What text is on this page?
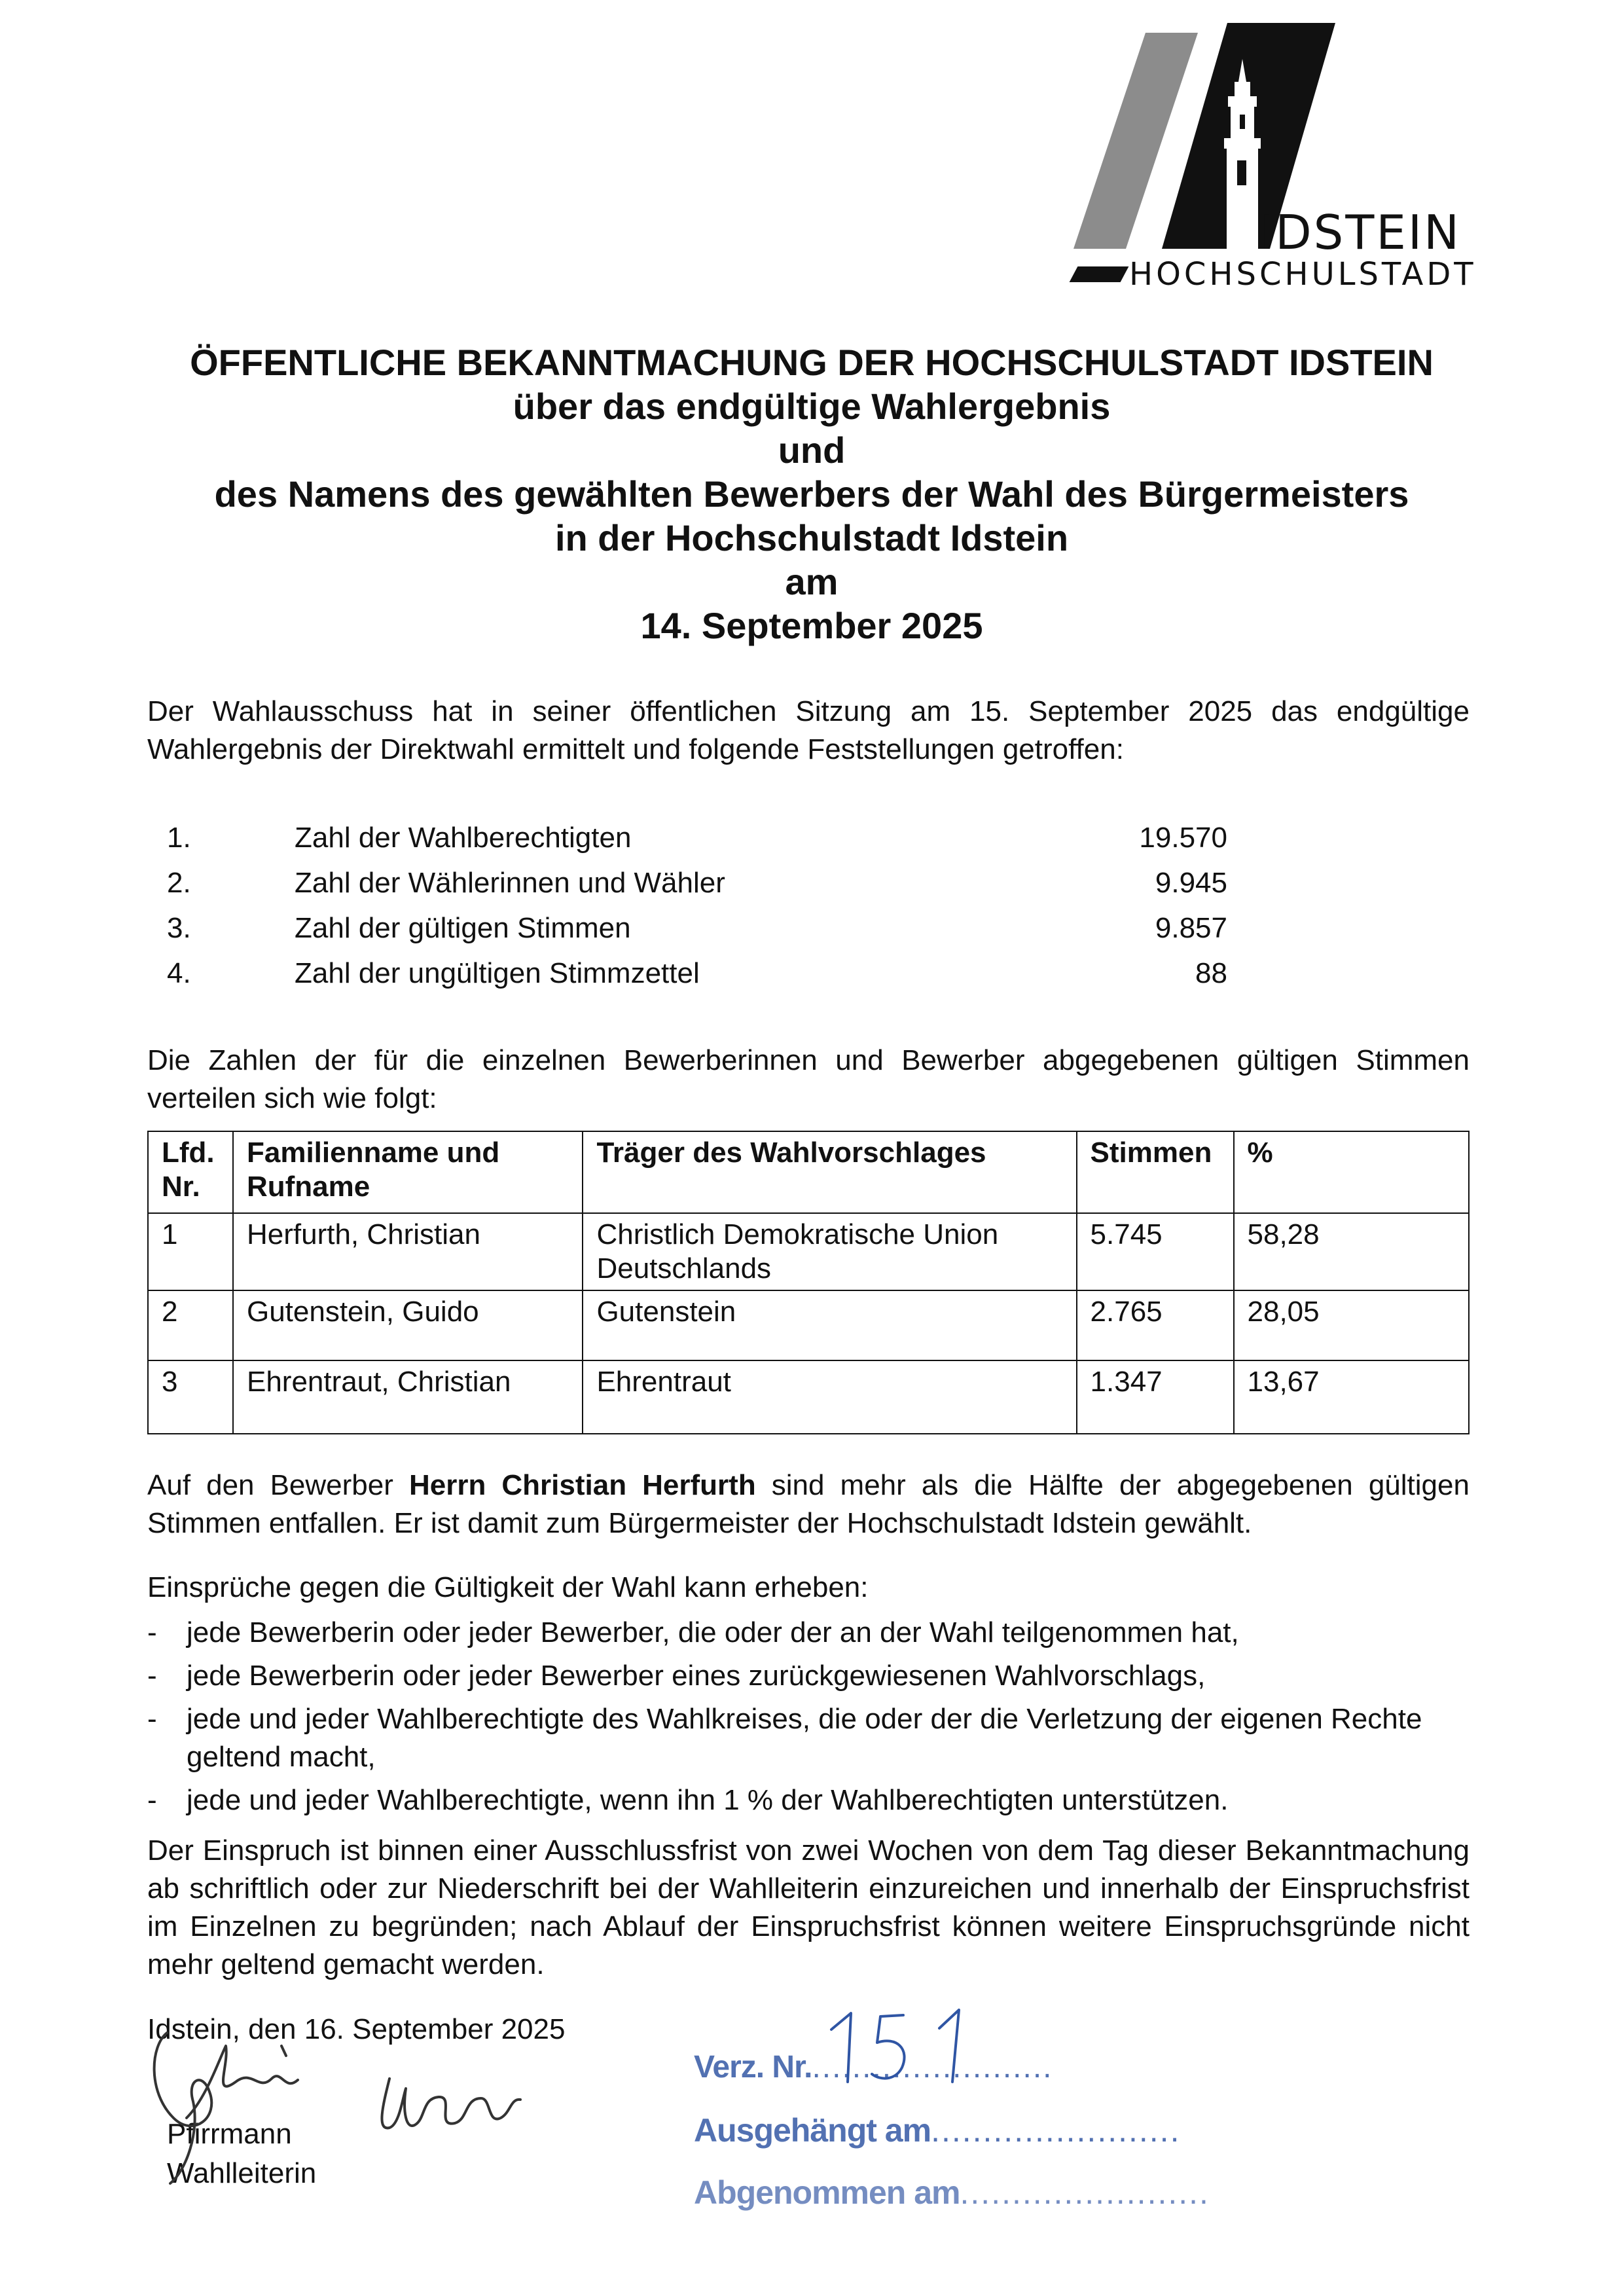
IDSTEIN
HOCHSCHULSTADT
ÖFFENTLICHE BEKANNTMACHUNG DER HOCHSCHULSTADT IDSTEIN
über das endgültige Wahlergebnis
und
des Namens des gewählten Bewerbers der Wahl des Bürgermeisters
in der Hochschulstadt Idstein
am
14. September 2025

Der Wahlausschuss hat in seiner öffentlichen Sitzung am 15. September 2025 das endgültige Wahlergebnis der Direktwahl ermittelt und folgende Feststellungen getroffen:

1.	Zahl der Wahlberechtigten	19.570
2.	Zahl der Wählerinnen und Wähler	9.945
3.	Zahl der gültigen Stimmen	9.857
4.	Zahl der ungültigen Stimmzettel	88

Die Zahlen der für die einzelnen Bewerberinnen und Bewerber abgegebenen gültigen Stimmen verteilen sich wie folgt:

Lfd. Nr.	Familienname und Rufname	Träger des Wahlvorschlages	Stimmen	%
1	Herfurth, Christian	Christlich Demokratische Union Deutschlands	5.745	58,28
2	Gutenstein, Guido	Gutenstein	2.765	28,05
3	Ehrentraut, Christian	Ehrentraut	1.347	13,67

Auf den Bewerber Herrn Christian Herfurth sind mehr als die Hälfte der abgegebenen gültigen Stimmen entfallen. Er ist damit zum Bürgermeister der Hochschulstadt Idstein gewählt.

Einsprüche gegen die Gültigkeit der Wahl kann erheben:

- jede Bewerberin oder jeder Bewerber, die oder der an der Wahl teilgenommen hat,
- jede Bewerberin oder jeder Bewerber eines zurückgewiesenen Wahlvorschlags,
- jede und jeder Wahlberechtigte des Wahlkreises, die oder der die Verletzung der eigenen Rechte geltend macht,
- jede und jeder Wahlberechtigte, wenn ihn 1 % der Wahlberechtigten unterstützen.

Der Einspruch ist binnen einer Ausschlussfrist von zwei Wochen von dem Tag dieser Bekanntmachung ab schriftlich oder zur Niederschrift bei der Wahlleiterin einzureichen und innerhalb der Einspruchsfrist im Einzelnen zu begründen; nach Ablauf der Einspruchsfrist können weitere Einspruchsgründe nicht mehr geltend gemacht werden.

Idstein, den 16. September 2025
Pfirrmann
Wahlleiterin
Verz. Nr.........................
Ausgehängt am........................
Abgenommen am........................
